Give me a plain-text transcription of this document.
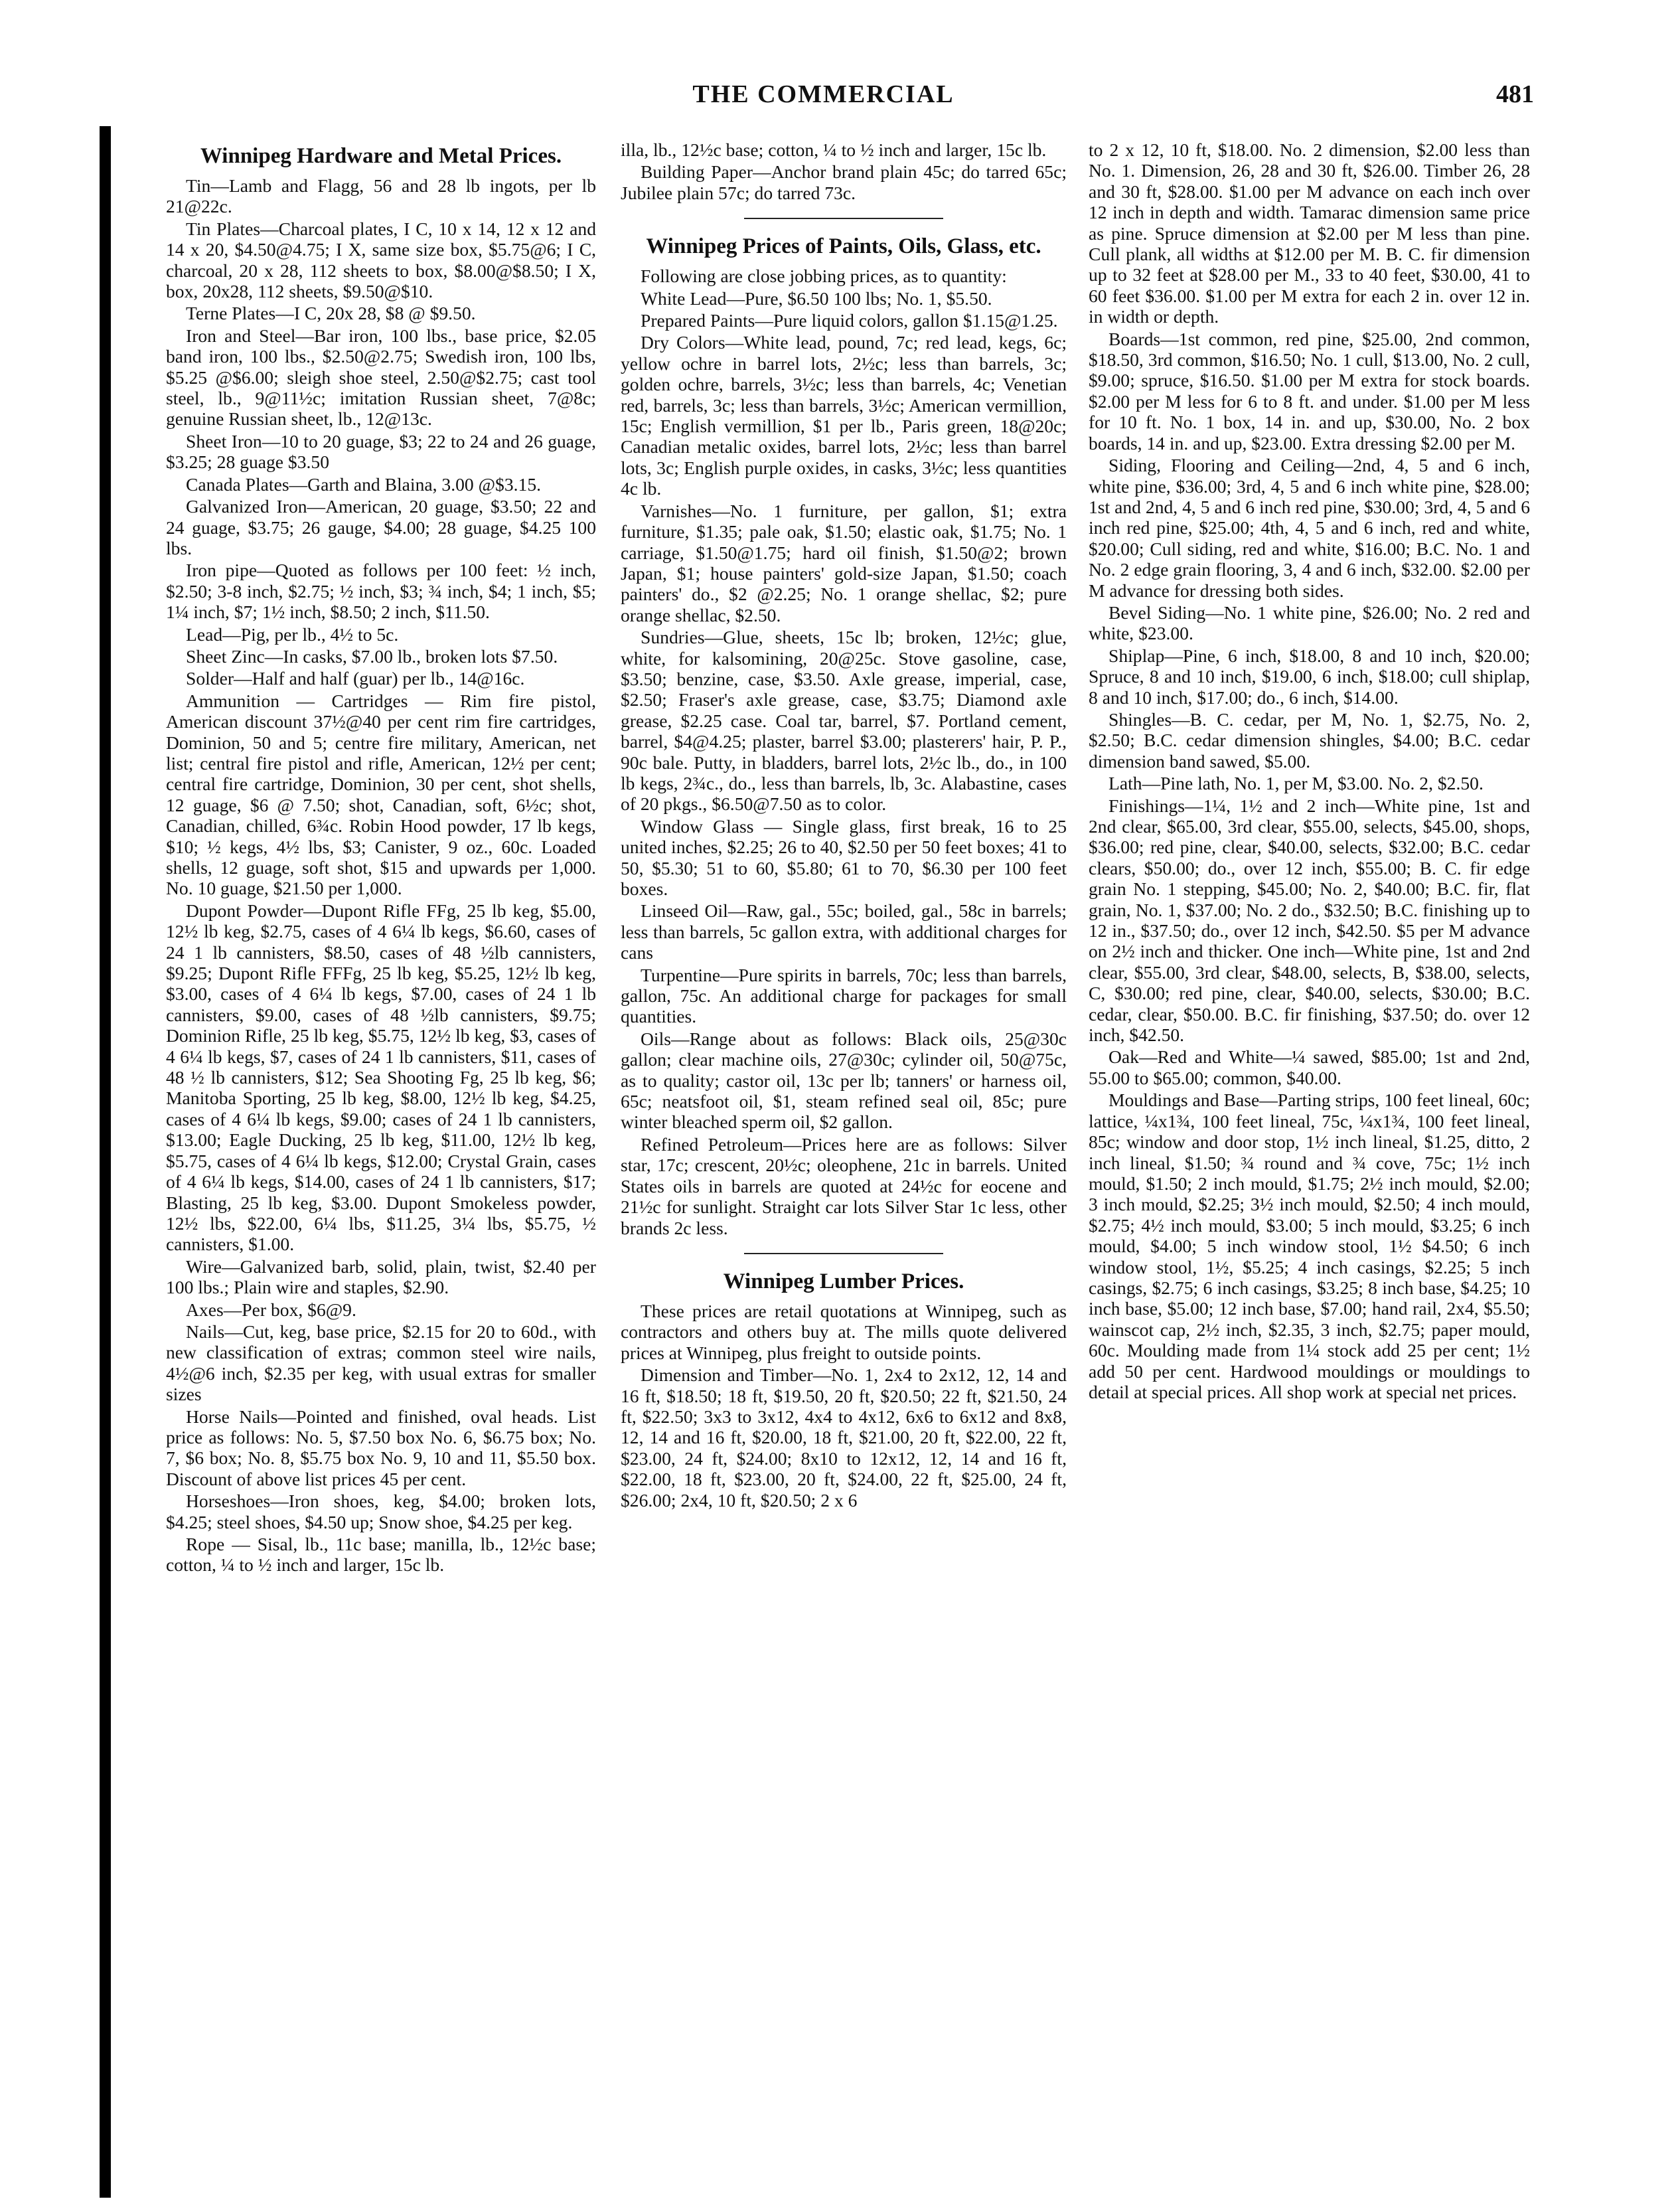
THE COMMERCIAL	481
Winnipeg Hardware and Metal Prices.

Tin—Lamb and Flagg, 56 and 28 lb ingots, per lb 21@22c.

Tin Plates—Charcoal plates, I C, 10 x 14, 12 x 12 and 14 x 20, $4.50@4.75; I X, same size box, $5.75@6; I C, charcoal, 20 x 28, 112 sheets to box, $8.00@$8.50; I X, box, 20x28, 112 sheets, $9.50@$10.

Terne Plates—I C, 20x 28, $8 @ $9.50.

Iron and Steel—Bar iron, 100 lbs., base price, $2.05 band iron, 100 lbs., $2.50@2.75; Swedish iron, 100 lbs, $5.25 @$6.00; sleigh shoe steel, 2.50@$2.75; cast tool steel, lb., 9@11½c; imitation Russian sheet, 7@8c; genuine Russian sheet, lb., 12@13c.

Sheet Iron—10 to 20 guage, $3; 22 to 24 and 26 guage, $3.25; 28 guage $3.50

Canada Plates—Garth and Blaina, 3.00 @$3.15.

Galvanized Iron—American, 20 guage, $3.50; 22 and 24 guage, $3.75; 26 gauge, $4.00; 28 guage, $4.25 100 lbs.

Iron pipe—Quoted as follows per 100 feet: ½ inch, $2.50; 3-8 inch, $2.75; ½ inch, $3; ¾ inch, $4; 1 inch, $5; 1¼ inch, $7; 1½ inch, $8.50; 2 inch, $11.50.

Lead—Pig, per lb., 4½ to 5c.

Sheet Zinc—In casks, $7.00 lb., broken lots $7.50.

Solder—Half and half (guar) per lb., 14@16c.

Ammunition — Cartridges — Rim fire pistol, American discount 37½@40 per cent rim fire cartridges, Dominion, 50 and 5; centre fire military, American, net list; central fire pistol and rifle, American, 12½ per cent; central fire cartridge, Dominion, 30 per cent, shot shells, 12 guage, $6 @ 7.50; shot, Canadian, soft, 6½c; shot, Canadian, chilled, 6¾c. Robin Hood powder, 17 lb kegs, $10; ½ kegs, 4½ lbs, $3; Canister, 9 oz., 60c. Loaded shells, 12 guage, soft shot, $15 and upwards per 1,000. No. 10 guage, $21.50 per 1,000.

Dupont Powder—Dupont Rifle FFg, 25 lb keg, $5.00, 12½ lb keg, $2.75, cases of 4 6¼ lb kegs, $6.60, cases of 24 1 lb cannisters, $8.50, cases of 48 ½lb cannisters, $9.25; Dupont Rifle FFFg, 25 lb keg, $5.25, 12½ lb keg, $3.00, cases of 4 6¼ lb kegs, $7.00, cases of 24 1 lb cannisters, $9.00, cases of 48 ½lb cannisters, $9.75; Dominion Rifle, 25 lb keg, $5.75, 12½ lb keg, $3, cases of 4 6¼ lb kegs, $7, cases of 24 1 lb cannisters, $11, cases of 48 ½ lb cannisters, $12; Sea Shooting Fg, 25 lb keg, $6; Manitoba Sporting, 25 lb keg, $8.00, 12½ lb keg, $4.25, cases of 4 6¼ lb kegs, $9.00; cases of 24 1 lb cannisters, $13.00; Eagle Ducking, 25 lb keg, $11.00, 12½ lb keg, $5.75, cases of 4 6¼ lb kegs, $12.00; Crystal Grain, cases of 4 6¼ lb kegs, $14.00, cases of 24 1 lb cannisters, $17; Blasting, 25 lb keg, $3.00. Dupont Smokeless powder, 12½ lbs, $22.00, 6¼ lbs, $11.25, 3¼ lbs, $5.75, ½ cannisters, $1.00.

Wire—Galvanized barb, solid, plain, twist, $2.40 per 100 lbs.; Plain wire and staples, $2.90.

Axes—Per box, $6@9.

Nails—Cut, keg, base price, $2.15 for 20 to 60d., with new classification of extras; common steel wire nails, 4½@6 inch, $2.35 per keg, with usual extras for smaller sizes

Horse Nails—Pointed and finished, oval heads. List price as follows: No. 5, $7.50 box No. 6, $6.75 box; No. 7, $6 box; No. 8, $5.75 box No. 9, 10 and 11, $5.50 box. Discount of above list prices 45 per cent.

Horseshoes—Iron shoes, keg, $4.00; broken lots, $4.25; steel shoes, $4.50 up; Snow shoe, $4.25 per keg.

Rope — Sisal, lb., 11c base; manilla, lb., 12½c base; cotton, ¼ to ½ inch and larger, 15c lb.

illa, lb., 12½c base; cotton, ¼ to ½ inch and larger, 15c lb.

Building Paper—Anchor brand plain 45c; do tarred 65c; Jubilee plain 57c; do tarred 73c.

Winnipeg Prices of Paints, Oils, Glass, etc.

Following are close jobbing prices, as to quantity:

White Lead—Pure, $6.50 100 lbs; No. 1, $5.50.

Prepared Paints—Pure liquid colors, gallon $1.15@1.25.

Dry Colors—White lead, pound, 7c; red lead, kegs, 6c; yellow ochre in barrel lots, 2½c; less than barrels, 3c; golden ochre, barrels, 3½c; less than barrels, 4c; Venetian red, barrels, 3c; less than barrels, 3½c; American vermillion, 15c; English vermillion, $1 per lb., Paris green, 18@20c; Canadian metalic oxides, barrel lots, 2½c; less than barrel lots, 3c; English purple oxides, in casks, 3½c; less quantities 4c lb.

Varnishes—No. 1 furniture, per gallon, $1; extra furniture, $1.35; pale oak, $1.50; elastic oak, $1.75; No. 1 carriage, $1.50@1.75; hard oil finish, $1.50@2; brown Japan, $1; house painters' gold-size Japan, $1.50; coach painters' do., $2 @2.25; No. 1 orange shellac, $2; pure orange shellac, $2.50.

Sundries—Glue, sheets, 15c lb; broken, 12½c; glue, white, for kalsomining, 20@25c. Stove gasoline, case, $3.50; benzine, case, $3.50. Axle grease, imperial, case, $2.50; Fraser's axle grease, case, $3.75; Diamond axle grease, $2.25 case. Coal tar, barrel, $7. Portland cement, barrel, $4@4.25; plaster, barrel $3.00; plasterers' hair, P. P., 90c bale. Putty, in bladders, barrel lots, 2½c lb., do., in 100 lb kegs, 2¾c., do., less than barrels, lb, 3c. Alabastine, cases of 20 pkgs., $6.50@7.50 as to color.

Window Glass — Single glass, first break, 16 to 25 united inches, $2.25; 26 to 40, $2.50 per 50 feet boxes; 41 to 50, $5.30; 51 to 60, $5.80; 61 to 70, $6.30 per 100 feet boxes.

Linseed Oil—Raw, gal., 55c; boiled, gal., 58c in barrels; less than barrels, 5c gallon extra, with additional charges for cans

Turpentine—Pure spirits in barrels, 70c; less than barrels, gallon, 75c. An additional charge for packages for small quantities.

Oils—Range about as follows: Black oils, 25@30c gallon; clear machine oils, 27@30c; cylinder oil, 50@75c, as to quality; castor oil, 13c per lb; tanners' or harness oil, 65c; neatsfoot oil, $1, steam refined seal oil, 85c; pure winter bleached sperm oil, $2 gallon.

Refined Petroleum—Prices here are as follows: Silver star, 17c; crescent, 20½c; oleophene, 21c in barrels. United States oils in barrels are quoted at 24½c for eocene and 21½c for sunlight. Straight car lots Silver Star 1c less, other brands 2c less.

Winnipeg Lumber Prices.

These prices are retail quotations at Winnipeg, such as contractors and others buy at. The mills quote delivered prices at Winnipeg, plus freight to outside points.

Dimension and Timber—No. 1, 2x4 to 2x12, 12, 14 and 16 ft, $18.50; 18 ft, $19.50, 20 ft, $20.50; 22 ft, $21.50, 24 ft, $22.50; 3x3 to 3x12, 4x4 to 4x12, 6x6 to 6x12 and 8x8, 12, 14 and 16 ft, $20.00, 18 ft, $21.00, 20 ft, $22.00, 22 ft, $23.00, 24 ft, $24.00; 8x10 to 12x12, 12, 14 and 16 ft, $22.00, 18 ft, $23.00, 20 ft, $24.00, 22 ft, $25.00, 24 ft, $26.00; 2x4, 10 ft, $20.50; 2 x 6

to 2 x 12, 10 ft, $18.00. No. 2 dimension, $2.00 less than No. 1. Dimension, 26, 28 and 30 ft, $26.00. Timber 26, 28 and 30 ft, $28.00. $1.00 per M advance on each inch over 12 inch in depth and width. Tamarac dimension same price as pine. Spruce dimension at $2.00 per M less than pine. Cull plank, all widths at $12.00 per M. B. C. fir dimension up to 32 feet at $28.00 per M., 33 to 40 feet, $30.00, 41 to 60 feet $36.00. $1.00 per M extra for each 2 in. over 12 in. in width or depth.

Boards—1st common, red pine, $25.00, 2nd common, $18.50, 3rd common, $16.50; No. 1 cull, $13.00, No. 2 cull, $9.00; spruce, $16.50. $1.00 per M extra for stock boards. $2.00 per M less for 6 to 8 ft. and under. $1.00 per M less for 10 ft. No. 1 box, 14 in. and up, $30.00, No. 2 box boards, 14 in. and up, $23.00. Extra dressing $2.00 per M.

Siding, Flooring and Ceiling—2nd, 4, 5 and 6 inch, white pine, $36.00; 3rd, 4, 5 and 6 inch white pine, $28.00; 1st and 2nd, 4, 5 and 6 inch red pine, $30.00; 3rd, 4, 5 and 6 inch red pine, $25.00; 4th, 4, 5 and 6 inch, red and white, $20.00; Cull siding, red and white, $16.00; B.C. No. 1 and No. 2 edge grain flooring, 3, 4 and 6 inch, $32.00. $2.00 per M advance for dressing both sides.

Bevel Siding—No. 1 white pine, $26.00; No. 2 red and white, $23.00.

Shiplap—Pine, 6 inch, $18.00, 8 and 10 inch, $20.00; Spruce, 8 and 10 inch, $19.00, 6 inch, $18.00; cull shiplap, 8 and 10 inch, $17.00; do., 6 inch, $14.00.

Shingles—B. C. cedar, per M, No. 1, $2.75, No. 2, $2.50; B.C. cedar dimension shingles, $4.00; B.C. cedar dimension band sawed, $5.00.

Lath—Pine lath, No. 1, per M, $3.00. No. 2, $2.50.

Finishings—1¼, 1½ and 2 inch—White pine, 1st and 2nd clear, $65.00, 3rd clear, $55.00, selects, $45.00, shops, $36.00; red pine, clear, $40.00, selects, $32.00; B.C. cedar clears, $50.00; do., over 12 inch, $55.00; B. C. fir edge grain No. 1 stepping, $45.00; No. 2, $40.00; B.C. fir, flat grain, No. 1, $37.00; No. 2 do., $32.50; B.C. finishing up to 12 in., $37.50; do., over 12 inch, $42.50. $5 per M advance on 2½ inch and thicker. One inch—White pine, 1st and 2nd clear, $55.00, 3rd clear, $48.00, selects, B, $38.00, selects, C, $30.00; red pine, clear, $40.00, selects, $30.00; B.C. cedar, clear, $50.00. B.C. fir finishing, $37.50; do. over 12 inch, $42.50.

Oak—Red and White—¼ sawed, $85.00; 1st and 2nd, 55.00 to $65.00; common, $40.00.

Mouldings and Base—Parting strips, 100 feet lineal, 60c; lattice, ¼x1¾, 100 feet lineal, 75c, ¼x1¾, 100 feet lineal, 85c; window and door stop, 1½ inch lineal, $1.25, ditto, 2 inch lineal, $1.50; ¾ round and ¾ cove, 75c; 1½ inch mould, $1.50; 2 inch mould, $1.75; 2½ inch mould, $2.00; 3 inch mould, $2.25; 3½ inch mould, $2.50; 4 inch mould, $2.75; 4½ inch mould, $3.00; 5 inch mould, $3.25; 6 inch mould, $4.00; 5 inch window stool, 1½ $4.50; 6 inch window stool, 1½, $5.25; 4 inch casings, $2.25; 5 inch casings, $2.75; 6 inch casings, $3.25; 8 inch base, $4.25; 10 inch base, $5.00; 12 inch base, $7.00; hand rail, 2x4, $5.50; wainscot cap, 2½ inch, $2.35, 3 inch, $2.75; paper mould, 60c. Moulding made from 1¼ stock add 25 per cent; 1½ add 50 per cent. Hardwood mouldings or mouldings to detail at special prices. All shop work at special net prices.
